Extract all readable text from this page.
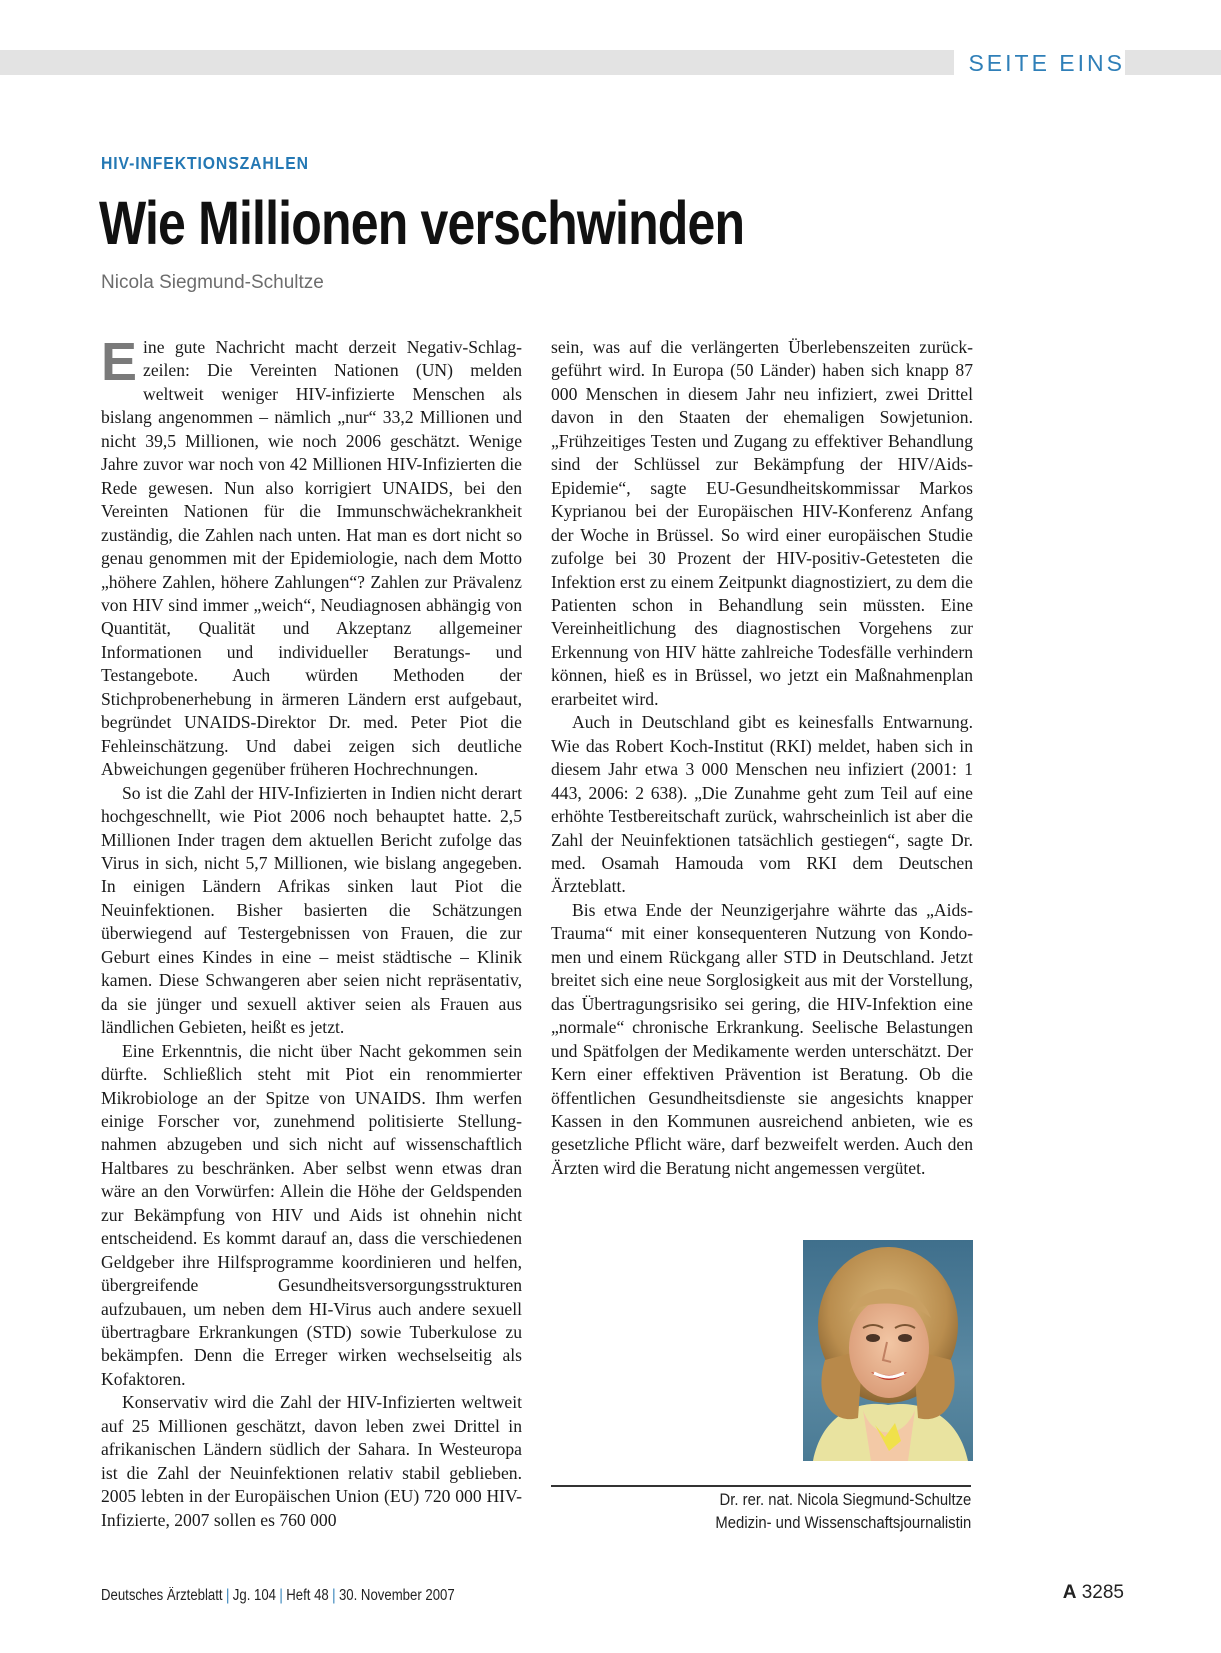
SEITE EINS
HIV-INFEKTIONSZAHLEN
Wie Millionen verschwinden
Nicola Siegmund-Schultze

Eine gute Nachricht macht derzeit Negativ-Schlagzeilen: Die Vereinten Nationen (UN) melden weltweit weniger HIV-infizierte Menschen als bislang angenommen – nämlich „nur“ 33,2 Millionen und nicht 39,5 Millionen, wie noch 2006 geschätzt. Wenige Jahre zuvor war noch von 42 Millionen HIV-Infizierten die Rede gewesen. Nun also korrigiert UNAIDS, bei den Vereinten Nationen für die Immunschwächekrankheit zuständig, die Zahlen nach unten. Hat man es dort nicht so genau genommen mit der Epidemiologie, nach dem Motto „höhere Zahlen, höhere Zahlungen“? Zahlen zur Prävalenz von HIV sind immer „weich“, Neudiagnosen abhängig von Quantität, Qualität und Akzeptanz allgemeiner Informationen und individueller Beratungs- und Testangebote. Auch würden Methoden der Stichprobenerhebung in ärmeren Ländern erst aufgebaut, begründet UNAIDS-Direktor Dr. med. Peter Piot die Fehleinschätzung. Und dabei zeigen sich deutliche Abweichungen gegenüber früheren Hochrechnungen.

So ist die Zahl der HIV-Infizierten in Indien nicht derart hochgeschnellt, wie Piot 2006 noch behauptet hatte. 2,5 Millionen Inder tragen dem aktuellen Bericht zufolge das Virus in sich, nicht 5,7 Millionen, wie bislang angegeben. In einigen Ländern Afrikas sinken laut Piot die Neuinfektionen. Bisher basierten die Schätzungen überwiegend auf Testergebnissen von Frauen, die zur Geburt eines Kindes in eine – meist städtische – Klinik kamen. Diese Schwangeren aber seien nicht repräsentativ, da sie jünger und sexuell aktiver seien als Frauen aus ländlichen Gebieten, heißt es jetzt.

Eine Erkenntnis, die nicht über Nacht gekommen sein dürfte. Schließlich steht mit Piot ein renommierter Mikrobiologe an der Spitze von UNAIDS. Ihm werfen einige Forscher vor, zunehmend politisierte Stellungnahmen abzugeben und sich nicht auf wissenschaftlich Haltbares zu beschränken. Aber selbst wenn etwas dran wäre an den Vorwürfen: Allein die Höhe der Geldspenden zur Bekämpfung von HIV und Aids ist ohnehin nicht entscheidend. Es kommt darauf an, dass die verschiedenen Geldgeber ihre Hilfsprogramme koordinieren und helfen, übergreifende Gesundheitsversorgungsstrukturen aufzubauen, um neben dem HI-Virus auch andere sexuell übertragbare Erkrankungen (STD) sowie Tuberkulose zu bekämpfen. Denn die Erreger wirken wechselseitig als Kofaktoren.

Konservativ wird die Zahl der HIV-Infizierten weltweit auf 25 Millionen geschätzt, davon leben zwei Drittel in afrikanischen Ländern südlich der Sahara. In Westeuropa ist die Zahl der Neuinfektionen relativ stabil geblieben. 2005 lebten in der Europäischen Union (EU) 720 000 HIV-Infizierte, 2007 sollen es 760 000

sein, was auf die verlängerten Überlebenszeiten zurückgeführt wird. In Europa (50 Länder) haben sich knapp 87 000 Menschen in diesem Jahr neu infiziert, zwei Drittel davon in den Staaten der ehemaligen Sowjetunion. „Frühzeitiges Testen und Zugang zu effektiver Behandlung sind der Schlüssel zur Bekämpfung der HIV/Aids-Epidemie“, sagte EU-Gesundheitskommissar Markos Kyprianou bei der Europäischen HIV-Konferenz Anfang der Woche in Brüssel. So wird einer europäischen Studie zufolge bei 30 Prozent der HIV-positiv-Getesteten die Infektion erst zu einem Zeitpunkt diagnostiziert, zu dem die Patienten schon in Behandlung sein müssten. Eine Vereinheitlichung des diagnostischen Vorgehens zur Erkennung von HIV hätte zahlreiche Todesfälle verhindern können, hieß es in Brüssel, wo jetzt ein Maßnahmenplan erarbeitet wird.

Auch in Deutschland gibt es keinesfalls Entwarnung. Wie das Robert Koch-Institut (RKI) meldet, haben sich in diesem Jahr etwa 3 000 Menschen neu infiziert (2001: 1 443, 2006: 2 638). „Die Zunahme geht zum Teil auf eine erhöhte Testbereitschaft zurück, wahrscheinlich ist aber die Zahl der Neuinfektionen tatsächlich gestiegen“, sagte Dr. med. Osamah Hamouda vom RKI dem Deutschen Ärzteblatt.

Bis etwa Ende der Neunzigerjahre währte das „Aids-Trauma“ mit einer konsequenteren Nutzung von Kondomen und einem Rückgang aller STD in Deutschland. Jetzt breitet sich eine neue Sorglosigkeit aus mit der Vorstellung, das Übertragungsrisiko sei gering, die HIV-Infektion eine „normale“ chronische Erkrankung. Seelische Belastungen und Spätfolgen der Medikamente werden unterschätzt. Der Kern einer effektiven Prävention ist Beratung. Ob die öffentlichen Gesundheitsdienste sie angesichts knapper Kassen in den Kommunen ausreichend anbieten, wie es gesetzliche Pflicht wäre, darf bezweifelt werden. Auch den Ärzten wird die Beratung nicht angemessen vergütet.

Dr. rer. nat. Nicola Siegmund-Schultze
Medizin- und Wissenschaftsjournalistin
Deutsches Ärzteblatt | Jg. 104 | Heft 48 | 30. November 2007	A 3285
